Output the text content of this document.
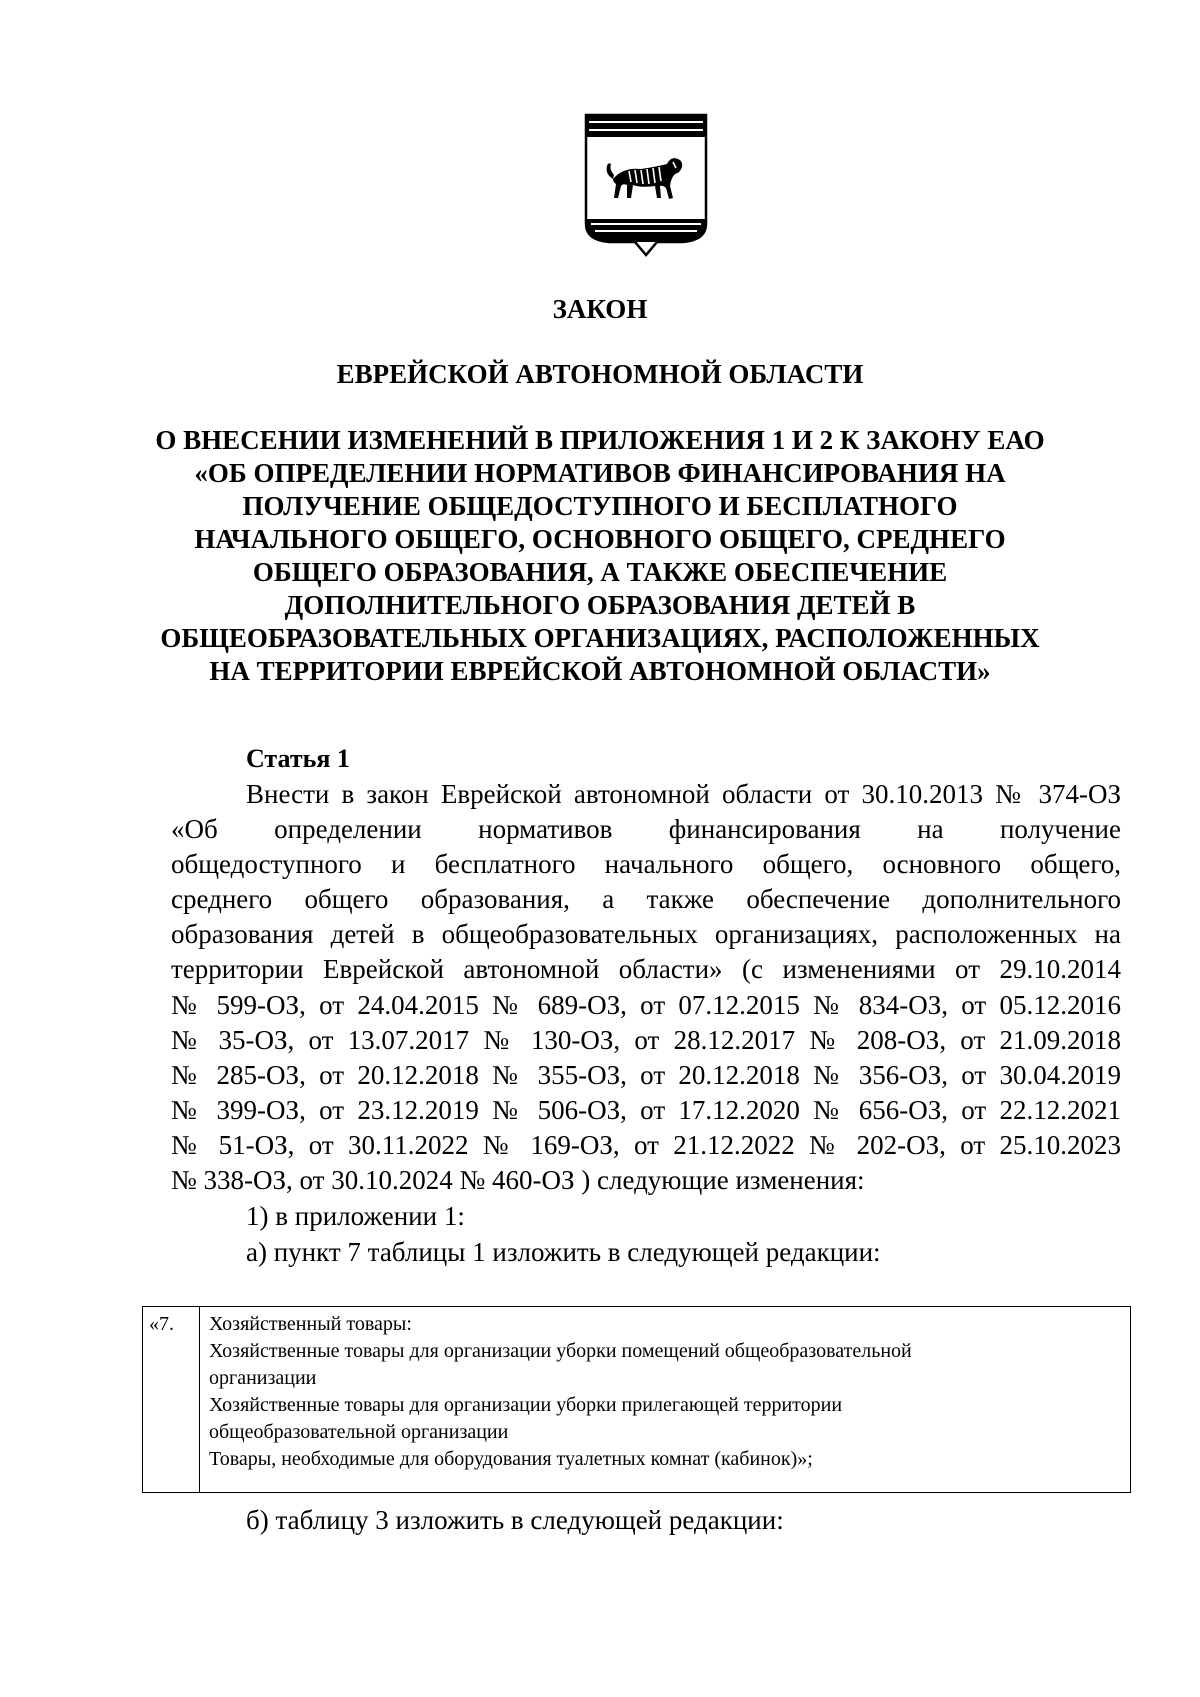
ЗАКОН
ЕВРЕЙСКОЙ АВТОНОМНОЙ ОБЛАСТИ
О ВНЕСЕНИИ ИЗМЕНЕНИЙ В ПРИЛОЖЕНИЯ 1 И 2 К ЗАКОНУ ЕАО
«ОБ ОПРЕДЕЛЕНИИ НОРМАТИВОВ ФИНАНСИРОВАНИЯ НА
ПОЛУЧЕНИЕ ОБЩЕДОСТУПНОГО И БЕСПЛАТНОГО
НАЧАЛЬНОГО ОБЩЕГО, ОСНОВНОГО ОБЩЕГО, СРЕДНЕГО
ОБЩЕГО ОБРАЗОВАНИЯ, А ТАКЖЕ ОБЕСПЕЧЕНИЕ
ДОПОЛНИТЕЛЬНОГО ОБРАЗОВАНИЯ ДЕТЕЙ В
ОБЩЕОБРАЗОВАТЕЛЬНЫХ ОРГАНИЗАЦИЯХ, РАСПОЛОЖЕННЫХ
НА ТЕРРИТОРИИ ЕВРЕЙСКОЙ АВТОНОМНОЙ ОБЛАСТИ»
Статья 1
Внести в закон Еврейской автономной области от 30.10.2013 № 374-ОЗ
«Об определении нормативов финансирования на получение
общедоступного и бесплатного начального общего, основного общего,
среднего общего образования, а также обеспечение дополнительного
образования детей в общеобразовательных организациях, расположенных на
территории Еврейской автономной области» (с изменениями от 29.10.2014
№ 599-ОЗ, от 24.04.2015 № 689-ОЗ, от 07.12.2015 № 834-ОЗ, от 05.12.2016
№ 35-ОЗ, от 13.07.2017 № 130-ОЗ, от 28.12.2017 № 208-ОЗ, от 21.09.2018
№ 285-ОЗ, от 20.12.2018 № 355-ОЗ, от 20.12.2018 № 356-ОЗ, от 30.04.2019
№ 399-ОЗ, от 23.12.2019 № 506-ОЗ, от 17.12.2020 № 656-ОЗ, от 22.12.2021
№ 51-ОЗ, от 30.11.2022 № 169-ОЗ, от 21.12.2022 № 202-ОЗ, от 25.10.2023
№ 338-ОЗ, от 30.10.2024 № 460-ОЗ ) следующие изменения:
1) в приложении 1:
а) пункт 7 таблицы 1 изложить в следующей редакции:
«7.	Хозяйственный товары:
Хозяйственные товары для организации уборки помещений общеобразовательной
организации
Хозяйственные товары для организации уборки прилегающей территории
общеобразовательной организации
Товары, необходимые для оборудования туалетных комнат (кабинок)»;
б) таблицу 3 изложить в следующей редакции:
